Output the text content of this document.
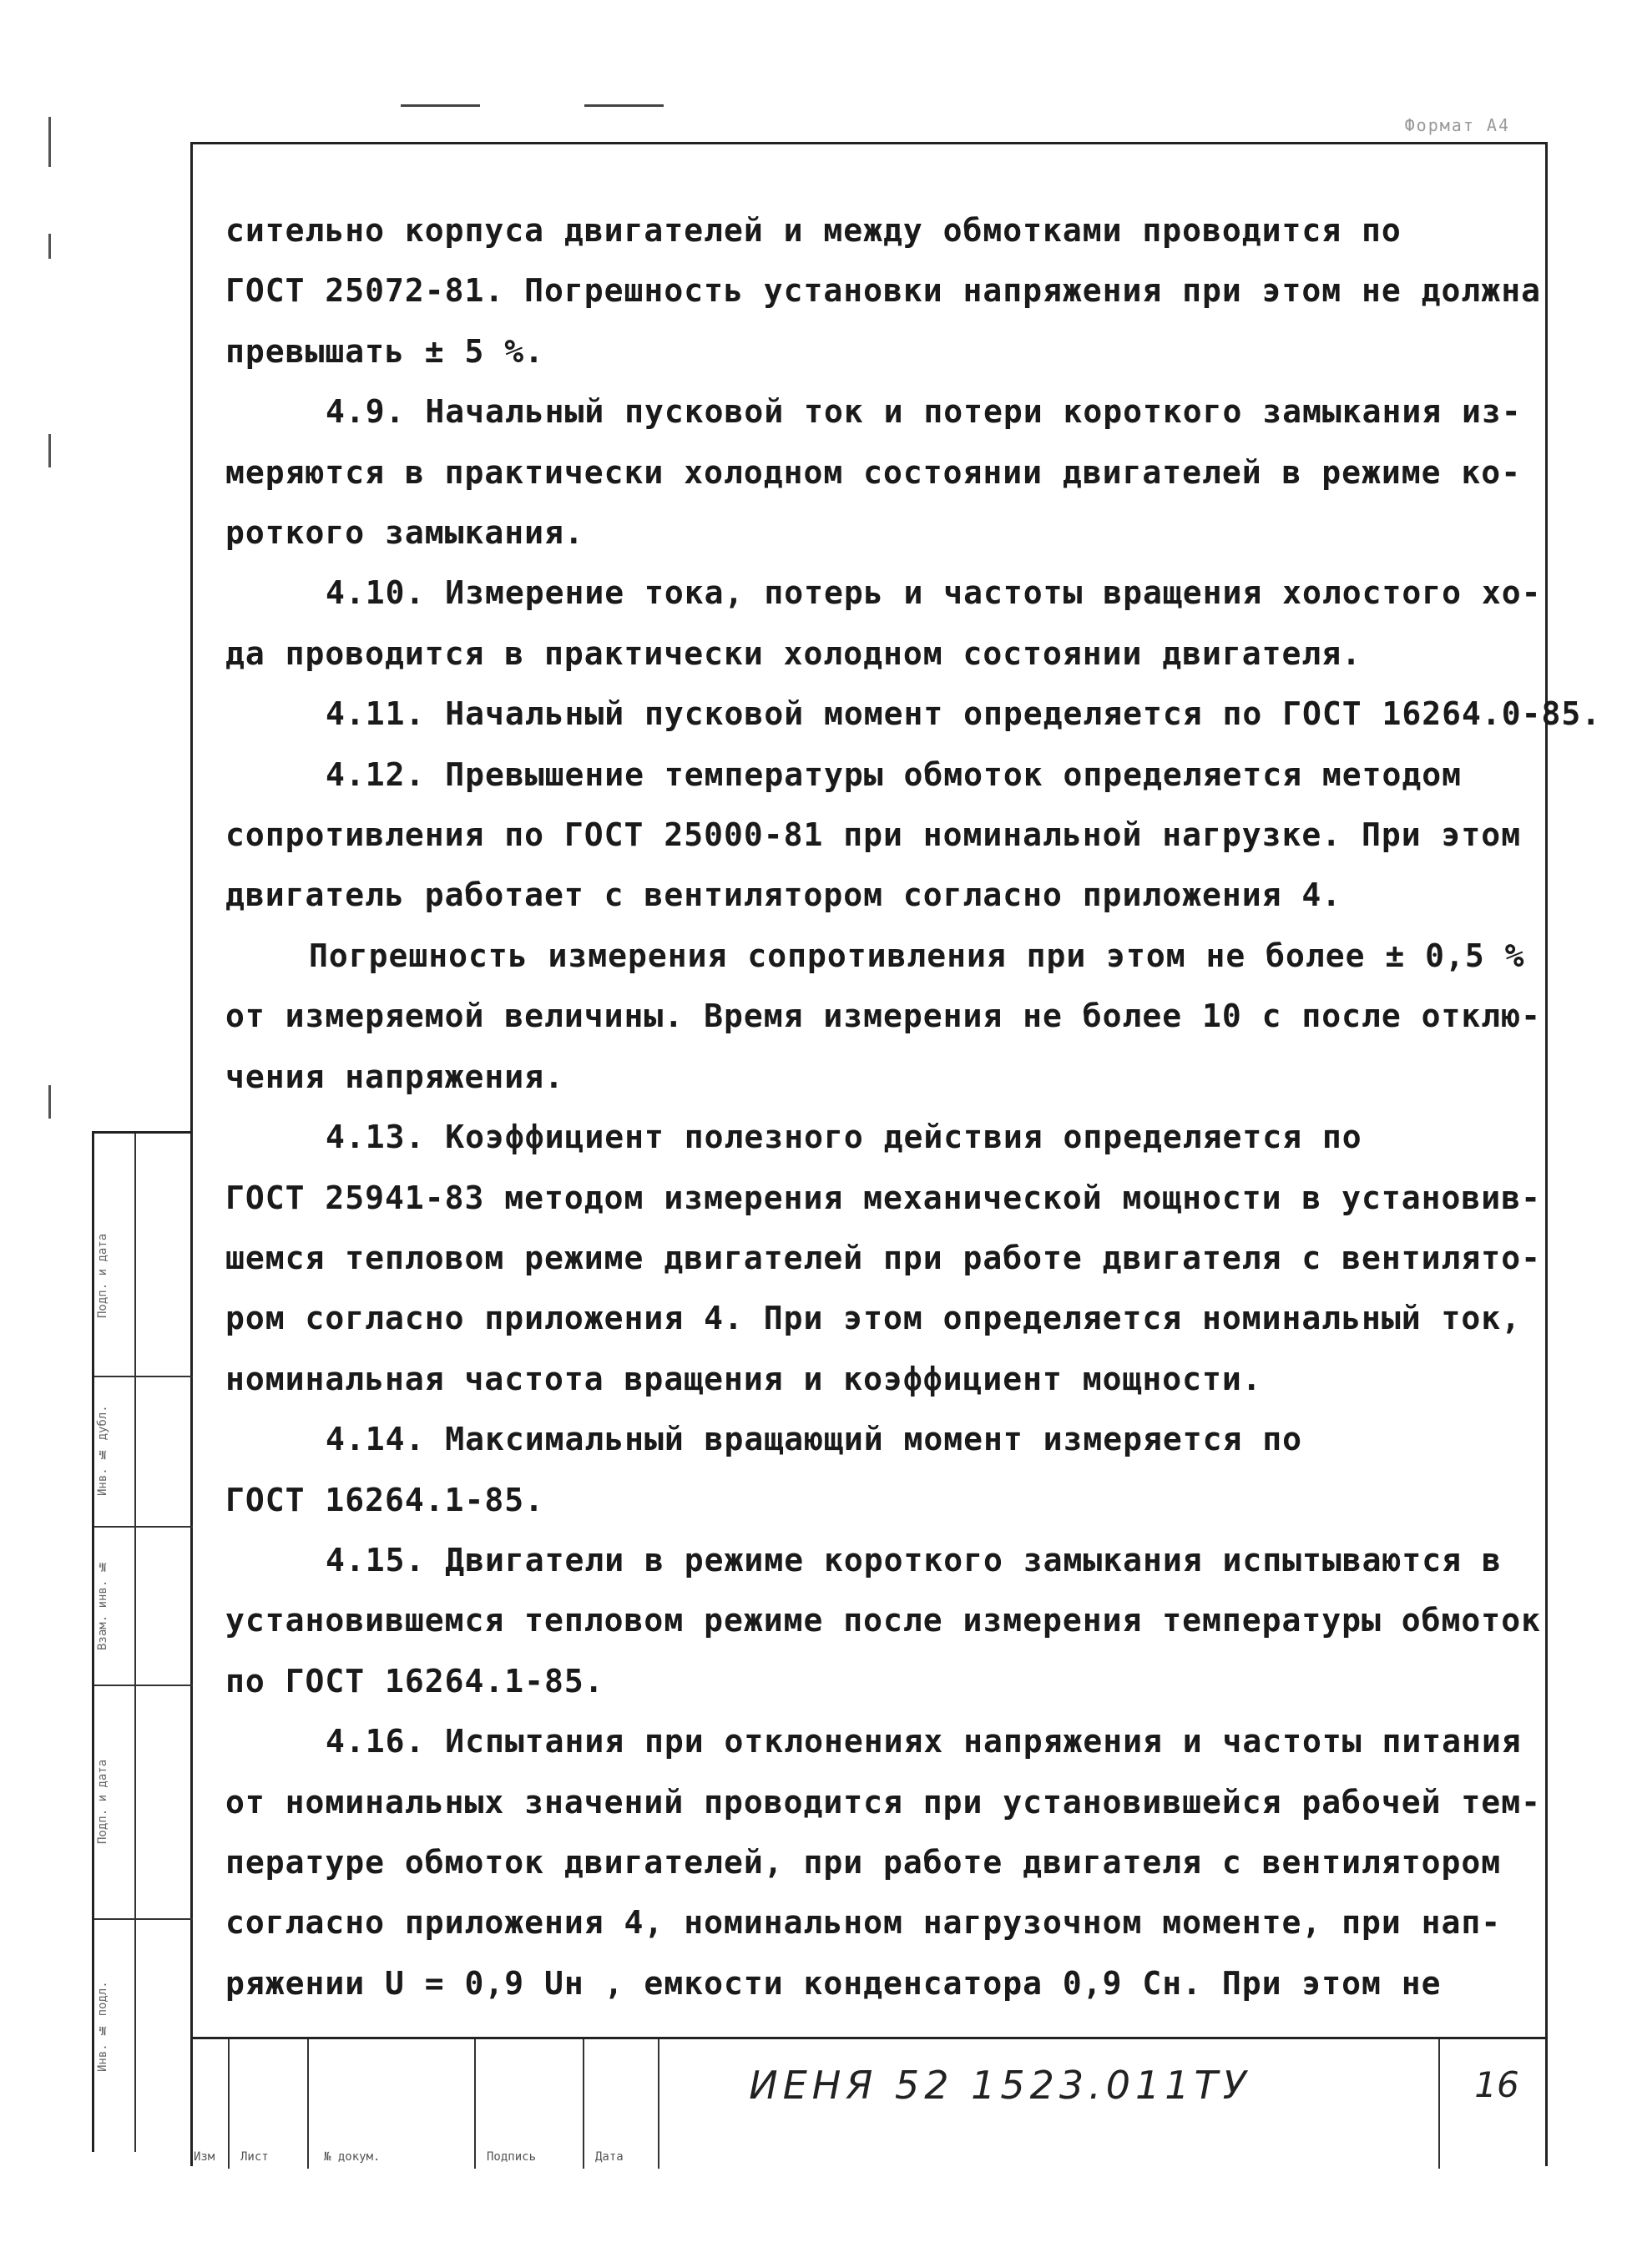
Формат А4

сительно корпуса двигателей и между обмотками проводится по

ГОСТ 25072-81. Погрешность установки напряжения при этом не должна

превышать ± 5 %.

4.9. Начальный пусковой ток и потери короткого замыкания из-

меряются в практически холодном состоянии двигателей в режиме ко-

роткого замыкания.

4.10. Измерение тока, потерь и частоты вращения холостого хо-

да проводится в практически холодном состоянии двигателя.

4.11. Начальный пусковой момент определяется по ГОСТ 16264.0-85.

4.12. Превышение температуры обмоток определяется методом

сопротивления по ГОСТ 25000-81 при номинальной нагрузке. При этом

двигатель работает с вентилятором согласно приложения 4.

Погрешность измерения сопротивления при этом не более ± 0,5 %

от измеряемой величины. Время измерения не более 10 с после отклю-

чения напряжения.

4.13. Коэффициент полезного действия определяется по

ГОСТ 25941-83 методом измерения механической мощности в установив-

шемся тепловом режиме двигателей при работе двигателя с вентилято-

ром согласно приложения 4. При этом определяется номинальный ток,

номинальная частота вращения и коэффициент мощности.

4.14. Максимальный вращающий момент измеряется по

ГОСТ 16264.1-85.

4.15. Двигатели в режиме короткого замыкания испытываются в

установившемся тепловом режиме после измерения температуры обмоток

по ГОСТ 16264.1-85.

4.16. Испытания при отклонениях напряжения и частоты питания

от номинальных значений проводится при установившейся рабочей тем-

пературе обмоток двигателей, при работе двигателя с вентилятором

согласно приложения 4, номинальном нагрузочном моменте, при нап-

ряжении U = 0,9 Uн , емкости конденсатора 0,9 Сн. При этом не

Подп. и дата
Инв. № дубл.
Взам. инв. №
Подп. и дата
Инв. № подл.
Изм Лист	№ докум.	Подпись	Дата
ИЕНЯ 52 1523.011ТУ	16
